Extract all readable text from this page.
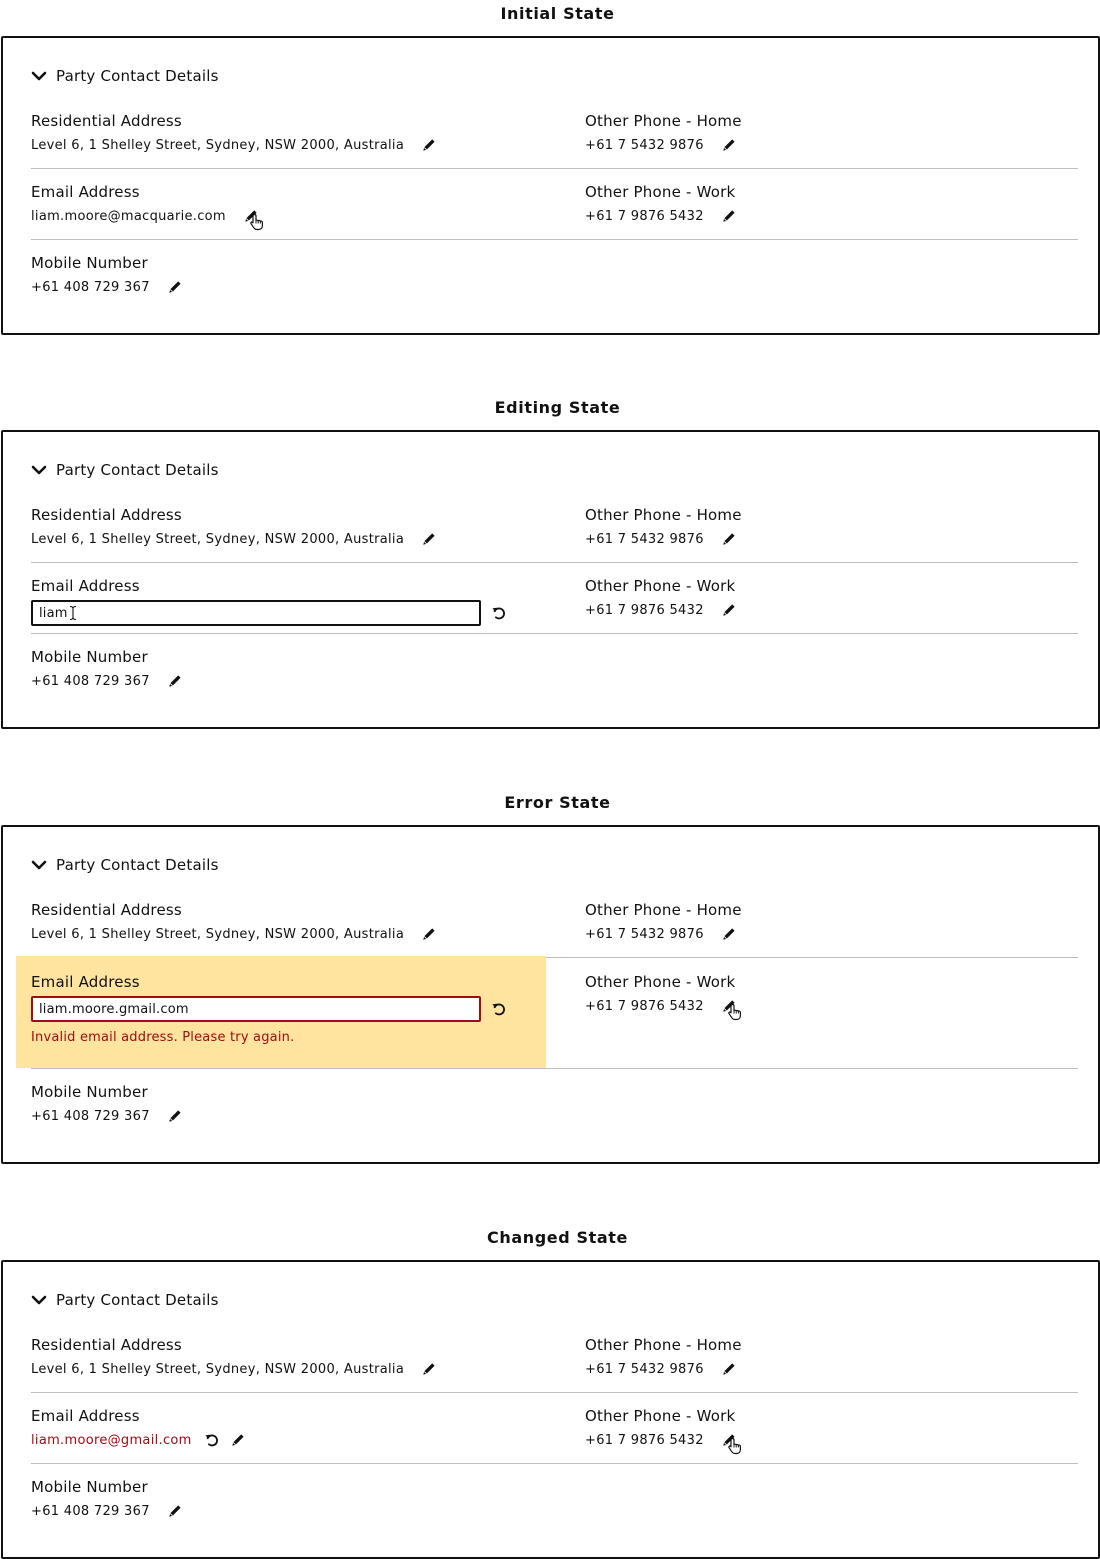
Initial State
Party Contact Details
Residential Address
Level 6, 1 Shelley Street, Sydney, NSW 2000, Australia
Other Phone - Home
+61 7 5432 9876
Email Address
liam.moore@macquarie.com
Other Phone - Work
+61 7 9876 5432
Mobile Number
+61 408 729 367
Editing State
Party Contact Details
Residential Address
Level 6, 1 Shelley Street, Sydney, NSW 2000, Australia
Other Phone - Home
+61 7 5432 9876
Email Address
liam
Other Phone - Work
+61 7 9876 5432
Mobile Number
+61 408 729 367
Error State
Party Contact Details
Residential Address
Level 6, 1 Shelley Street, Sydney, NSW 2000, Australia
Other Phone - Home
+61 7 5432 9876
Email Address
liam.moore.gmail.com
Invalid email address. Please try again.
Other Phone - Work
+61 7 9876 5432
Mobile Number
+61 408 729 367
Changed State
Party Contact Details
Residential Address
Level 6, 1 Shelley Street, Sydney, NSW 2000, Australia
Other Phone - Home
+61 7 5432 9876
Email Address
liam.moore@gmail.com
Other Phone - Work
+61 7 9876 5432
Mobile Number
+61 408 729 367
